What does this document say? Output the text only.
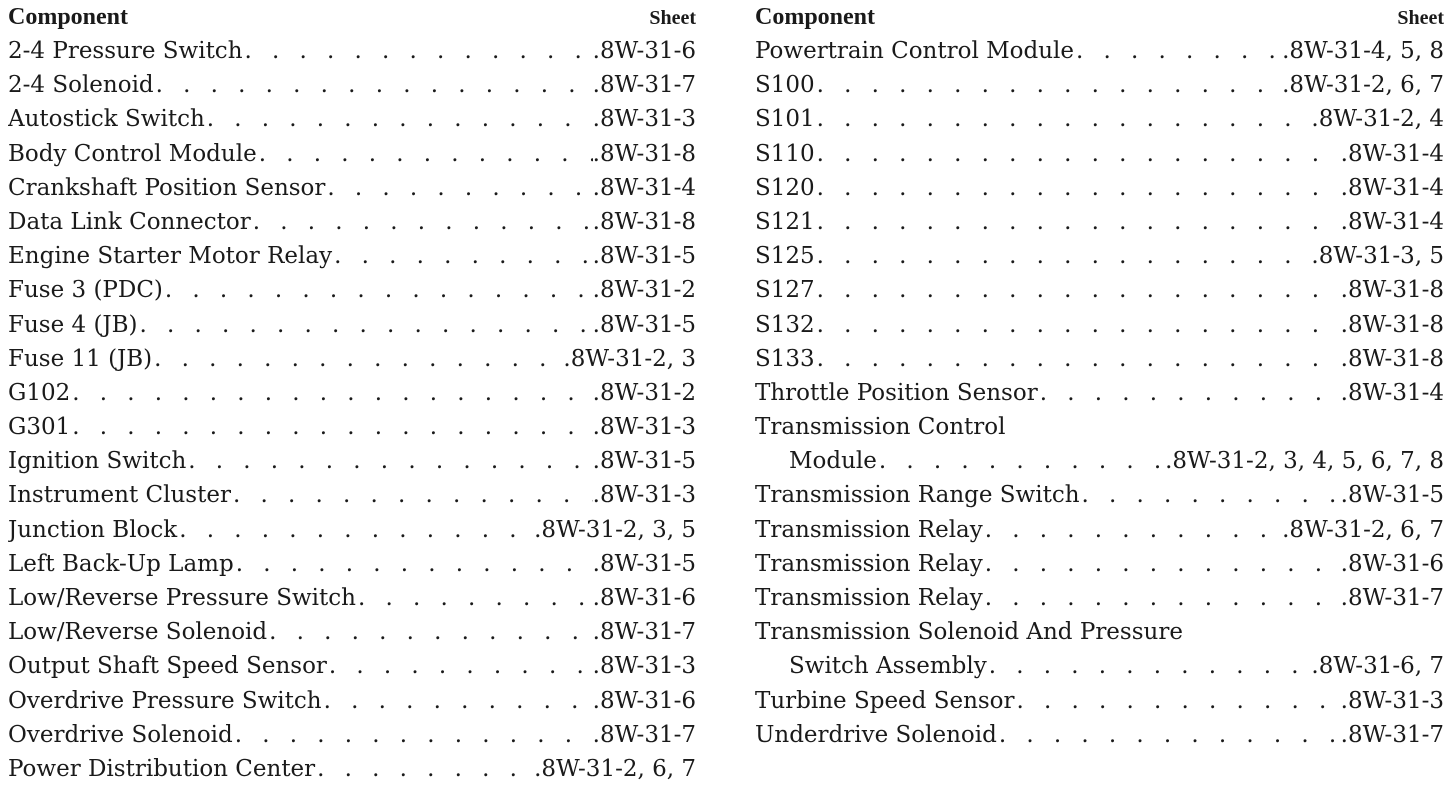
Component	Sheet
2-4 Pressure Switch . . .	.8W-31-6
2-4 Solenoid . . .	.8W-31-7
Autostick Switch . . .	.8W-31-3
Body Control Module . . .	.8W-31-8
Crankshaft Position Sensor . . .	.8W-31-4
Data Link Connector . . .	.8W-31-8
Engine Starter Motor Relay . . .	.8W-31-5
Fuse 3 (PDC) . . .	.8W-31-2
Fuse 4 (JB) . . .	.8W-31-5
Fuse 11 (JB) . . .	.8W-31-2, 3
G102 . . .	.8W-31-2
G301 . . .	.8W-31-3
Ignition Switch . . .	.8W-31-5
Instrument Cluster . . .	.8W-31-3
Junction Block . . .	.8W-31-2, 3, 5
Left Back-Up Lamp . . .	.8W-31-5
Low/Reverse Pressure Switch . . .	.8W-31-6
Low/Reverse Solenoid . . .	.8W-31-7
Output Shaft Speed Sensor . . .	.8W-31-3
Overdrive Pressure Switch . . .	.8W-31-6
Overdrive Solenoid . . .	.8W-31-7
Power Distribution Center . . .	.8W-31-2, 6, 7
Component	Sheet
Powertrain Control Module . . .	.8W-31-4, 5, 8
S100 . . .	.8W-31-2, 6, 7
S101 . . .	.8W-31-2, 4
S110 . . .	.8W-31-4
S120 . . .	.8W-31-4
S121 . . .	.8W-31-4
S125 . . .	.8W-31-3, 5
S127 . . .	.8W-31-8
S132 . . .	.8W-31-8
S133 . . .	.8W-31-8
Throttle Position Sensor . . .	.8W-31-4
Transmission Control
Module . . .	.8W-31-2, 3, 4, 5, 6, 7, 8
Transmission Range Switch . . .	.8W-31-5
Transmission Relay . . .	.8W-31-2, 6, 7
Transmission Relay . . .	.8W-31-6
Transmission Relay . . .	.8W-31-7
Transmission Solenoid And Pressure
Switch Assembly . . .	.8W-31-6, 7
Turbine Speed Sensor . . .	.8W-31-3
Underdrive Solenoid . . .	.8W-31-7
